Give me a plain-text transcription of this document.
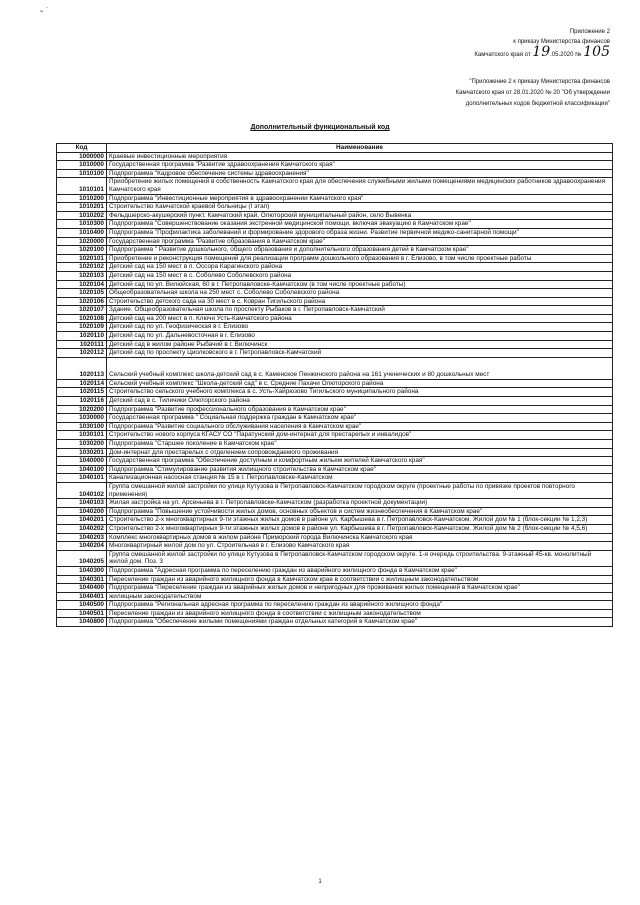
ᵕ ˙
Приложение 2
к приказу Министерства финансов
Камчатского края от 19.05.2020 № 105
"Приложение 2 к приказу Министерства финансов
Камчатского края от 28.01.2020 № 20 "Об утверждении
дополнительных кодов бюджетной классификации"
Дополнительный функциональный код
Код	Наименование
1000000	Краевые инвестиционные мероприятия
1010000	Государственная программа "Развитие здравоохранения Камчатского края"
1010100	Подпрограмма "Кадровое обеспечение системы здравоохранения"
1010101	Приобретение жилых помещений в собственность Камчатского края для обеспечения служебными жилыми помещениями медицинских работников здравоохранения Камчатского края
1010200	Подпрограмма "Инвестиционные мероприятия в здравоохранении Камчатского края"
1010201	Строительство Камчатской краевой больницы (I этап)
1010202	Фельдшерско-акушерский пункт. Камчатский край, Олюторский муниципальный район, село Вывенка
1010300	Подпрограмма "Совершенствование оказания экстренной медицинской помощи, включая эвакуацию в Камчатском крае"
1010400	Подпрограмма "Профилактика заболеваний и формирование здорового образа жизни. Развитие первичной медико-санитарной помощи"
1020000	Государственная программа "Развитие образования в Камчатском крае"
1020100	Подпрограмма " Развитие дошкольного, общего образования и дополнительного образования детей в Камчатском крае"
1020101	Приобретение и реконструкция помещений для реализации программ дошкольного образования в г. Елизово, в том числе проектные работы
1020102	Детский сад на 150 мест в п. Оссора Карагинского района
1020103	Детский сад на 150 мест в с. Соболево Соболевского района
1020104	Детский сад по ул. Вилюйская, 60 в г. Петропавловске-Камчатском (в том числе проектные работы)
1020105	Общеобразовательная школа на 250 мест с. Соболево Соболевского района
1020106	Строительство детского сада на 30 мест в с. Ковран Тигильского района
1020107	Здание. Общеобразовательная школа по проспекту Рыбаков в г. Петропавловск-Камчатский
1020108	Детский сад на 200 мест в п. Ключи Усть-Камчатского района
1020109	Детский сад по ул. Геофизическая в г. Елизово
1020110	Детский сад по ул. Дальневосточная в г. Елизово
1020111	Детский сад в жилом районе Рыбачий в г. Вилючинск
1020112	Детский сад по проспекту Циолковского в г. Петропавловск-Камчатский
1020113	Сельский учебный комплекс школа-детский сад в с. Каменское Пенжинского района на 161 ученических и 80 дошкольных мест
1020114	Сельский учебный комплекс "Школа-детский сад" в с. Средние Пахачи Олюторского района
1020115	Строительство сельского учебного комплекса в с. Усть-Хайрюзово Тигильского муниципального района
1020116	Детский сад в с. Тиличики Олюторского района
1020200	Подпрограмма "Развитие профессионального образования в Камчатском крае"
1030000	Государственная программа " Социальная поддержка граждан в Камчатском крае"
1030100	Подпрограмма "Развитие социального обслуживания населения в Камчатском крае"
1030101	Строительство нового корпуса КГАСУ СО "Паратунский дом-интернат для престарелых и инвалидов"
1030200	Подпрограмма "Старшее поколение в Камчатском крае"
1030201	Дом-интернат для престарелых с отделением сопровождаемого проживания
1040000	Государственная программа "Обеспечение доступным и комфортным жильем жителей Камчатского края"
1040100	Подпрограмма "Стимулирование развития жилищного строительства в Камчатском крае"
1040101	Канализационная насосная станция № 15 в г. Петропавловске-Камчатском
1040102	Группа смешанной жилой застройки по улице Кутузова в Петропавловск-Камчатском городском округе (проектные работы по привязке проектов повторного применения)
1040103	Жилая застройка на ул. Арсеньева в г. Петропавловске-Камчатском (разработка проектной документации)
1040200	Подпрограмма "Повышение устойчивости жилых домов, основных объектов и систем жизнеобеспечения в Камчатском крае"
1040201	Строительство 2-х многоквартирных 9-ти этажных жилых домов в районе ул. Карбышева в г. Петропавловск-Камчатском. Жилой дом № 1 (блок-секции № 1,2,3)
1040202	Строительство 2-х многоквартирных 9-ти этажных жилых домов в районе ул. Карбышева в г. Петропавловск-Камчатском. Жилой дом № 2 (блок-секции № 4,5,6)
1040203	Комплекс многоквартирных домов в жилом районе Приморский города Вилючинска Камчатского края
1040204	Многоквартирный жилой дом по ул. Строительная в г. Елизово Камчатского края
1040205	Группа смешанной жилой застройки по улице Кутузова в Петропавловск-Камчатском городском округе. 1-я очередь строительства. 9-этажный 45-кв. монолитный жилой дом. Поз. 3
1040300	Подпрограмма "Адресная программа по переселению граждан из аварийного жилищного фонда в Камчатском крае"
1040301	Переселение граждан из аварийного жилищного фонда в Камчатском крае в соответствии с жилищным законодательством
1040400	Подпрограмма "Переселение граждан из аварийных жилых домов и непригодных для проживания жилых помещений в Камчатском крае"
1040401	жилищным законодательством
1040500	Подпрограмма "Региональная адресная программа по переселению граждан из аварийного жилищного фонда"
1040501	Переселение граждан из аварийного жилищного фонда в соответствии с жилищным законодательством
1040800	Подпрограмма "Обеспечение жилыми помещениями граждан отдельных категорий в Камчатском крае"
1
